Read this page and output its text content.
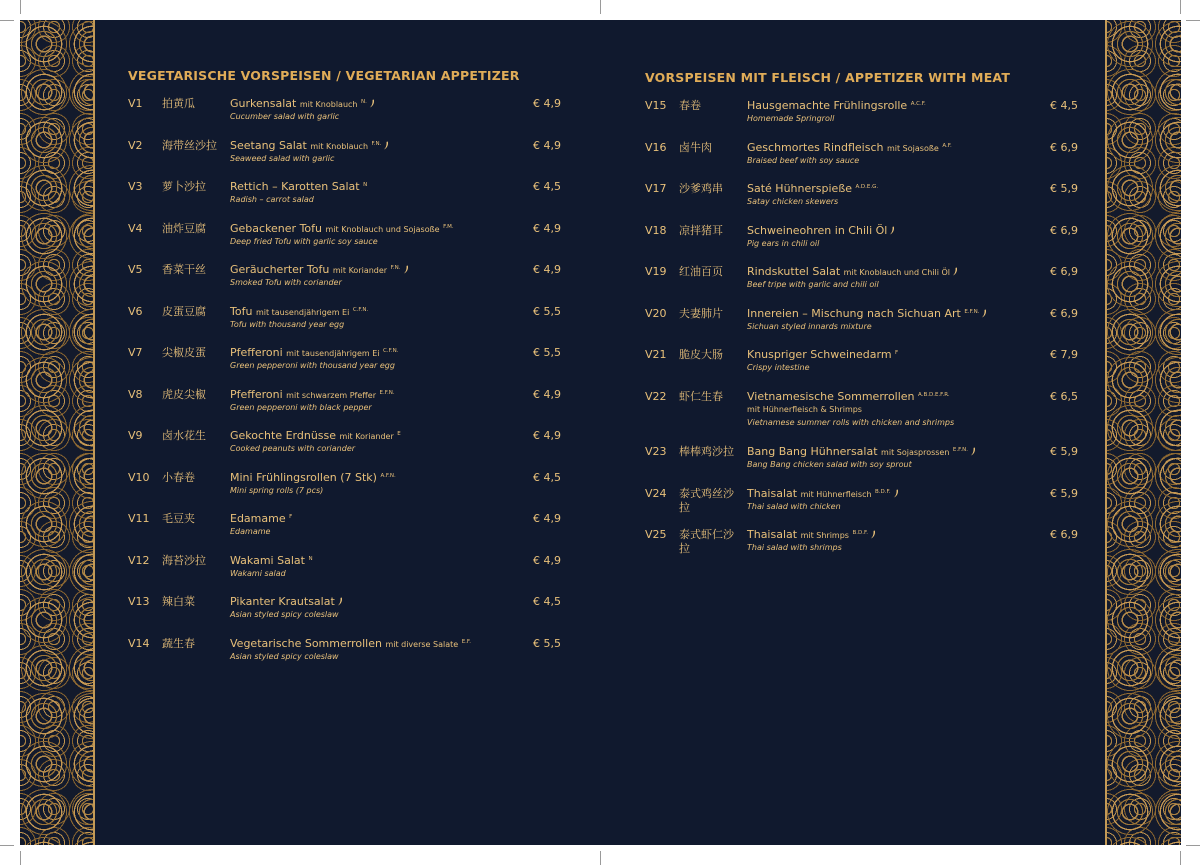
VEGETARISCHE VORSPEISEN / VEGETARIAN APPETIZER	VORSPEISEN MIT FLEISCH / APPETIZER WITH MEAT
V1 拍黄瓜	Gurkensalat mit Knoblauch $^{N.}$
Cucumber salad with garlic
€ 4,9
V2 海带丝沙拉	Seetang Salat mit Knoblauch $^{F.N.}$
Seaweed salad with garlic
€ 4,9
V3 萝卜沙拉	Rettich – Karotten Salat $^N$
Radish – carrot salad
€ 4,5
V4 油炸豆腐	Gebackener Tofu mit Knoblauch und Sojasoße $^{F.M.}$
Deep fried Tofu with garlic soy sauce
€ 4,9
V5 香菜干丝	Geräucherter Tofu mit Koriander $^{F.N.}$
Smoked Tofu with coriander
€ 4,9
V6 皮蛋豆腐	Tofu mit tausendjährigem Ei $^{C.F.N.}$
Tofu with thousand year egg
€ 5,5
V7 尖椒皮蛋	Pfefferoni mit tausendjährigem Ei $^{C.F.N.}$
Green pepperoni with thousand year egg
€ 5,5
V8 虎皮尖椒	Pfefferoni mit schwarzem Pfeffer $^{E.F.N.}$
Green pepperoni with black pepper
€ 4,9
V9 卤水花生	Gekochte Erdnüsse mit Koriander $^E$
Cooked peanuts with coriander
€ 4,9
V10 小春卷	Mini Frühlingsrollen (7 Stk) $^{A.F.N.}$
Mini spring rolls (7 pcs)
€ 4,5
V11 毛豆夹	Edamame $^F$
Edamame
€ 4,9
V12 海苔沙拉	Wakami Salat $^N$
Wakami salad
€ 4,9
V13 辣白菜	Pikanter Krautsalat
Asian styled spicy coleslaw
€ 4,5
V14 蔬生春	Vegetarische Sommerrollen mit diverse Salate $^{E.F.}$
Asian styled spicy coleslaw
€ 5,5
V15 春卷	Hausgemachte Frühlingsrolle $^{A.C.F.}$
Homemade Springroll
€ 4,5
V16 卤牛肉	Geschmortes Rindfleisch mit Sojasoße $^{A.F.}$
Braised beef with soy sauce
€ 6,9
V17 沙爹鸡串	Saté Hühnerspieße $^{A.D.E.G.}$
Satay chicken skewers
€ 5,9
V18 凉拌猪耳	Schweineohren in Chili Öl
Pig ears in chili oil
€ 6,9
V19 红油百页	Rindskuttel Salat mit Knoblauch und Chili Öl
Beef tripe with garlic and chili oil
€ 6,9
V20 夫妻肺片	Innereien – Mischung nach Sichuan Art $^{E.F.N.}$
Sichuan styled innards mixture
€ 6,9
V21 脆皮大肠	Knuspriger Schweinedarm $^F$
Crispy intestine
€ 7,9
V22 虾仁生春	Vietnamesische Sommerrollen $^{A.B.D.E.F.R.}$
mit Hühnerfleisch & Shrimps
Vietnamese summer rolls with chicken and shrimps
€ 6,5
V23 棒棒鸡沙拉	Bang Bang Hühnersalat mit Sojasprossen $^{E.F.N.}$
Bang Bang chicken salad with soy sprout
€ 5,9
V24 泰式鸡丝沙拉
Thaisalat mit Hühnerfleisch $^{B.D.F.}$
Thai salad with chicken
€ 5,9
V25 泰式虾仁沙拉
Thaisalat mit Shrimps $^{B.D.F.}$
Thai salad with shrimps
€ 6,9
